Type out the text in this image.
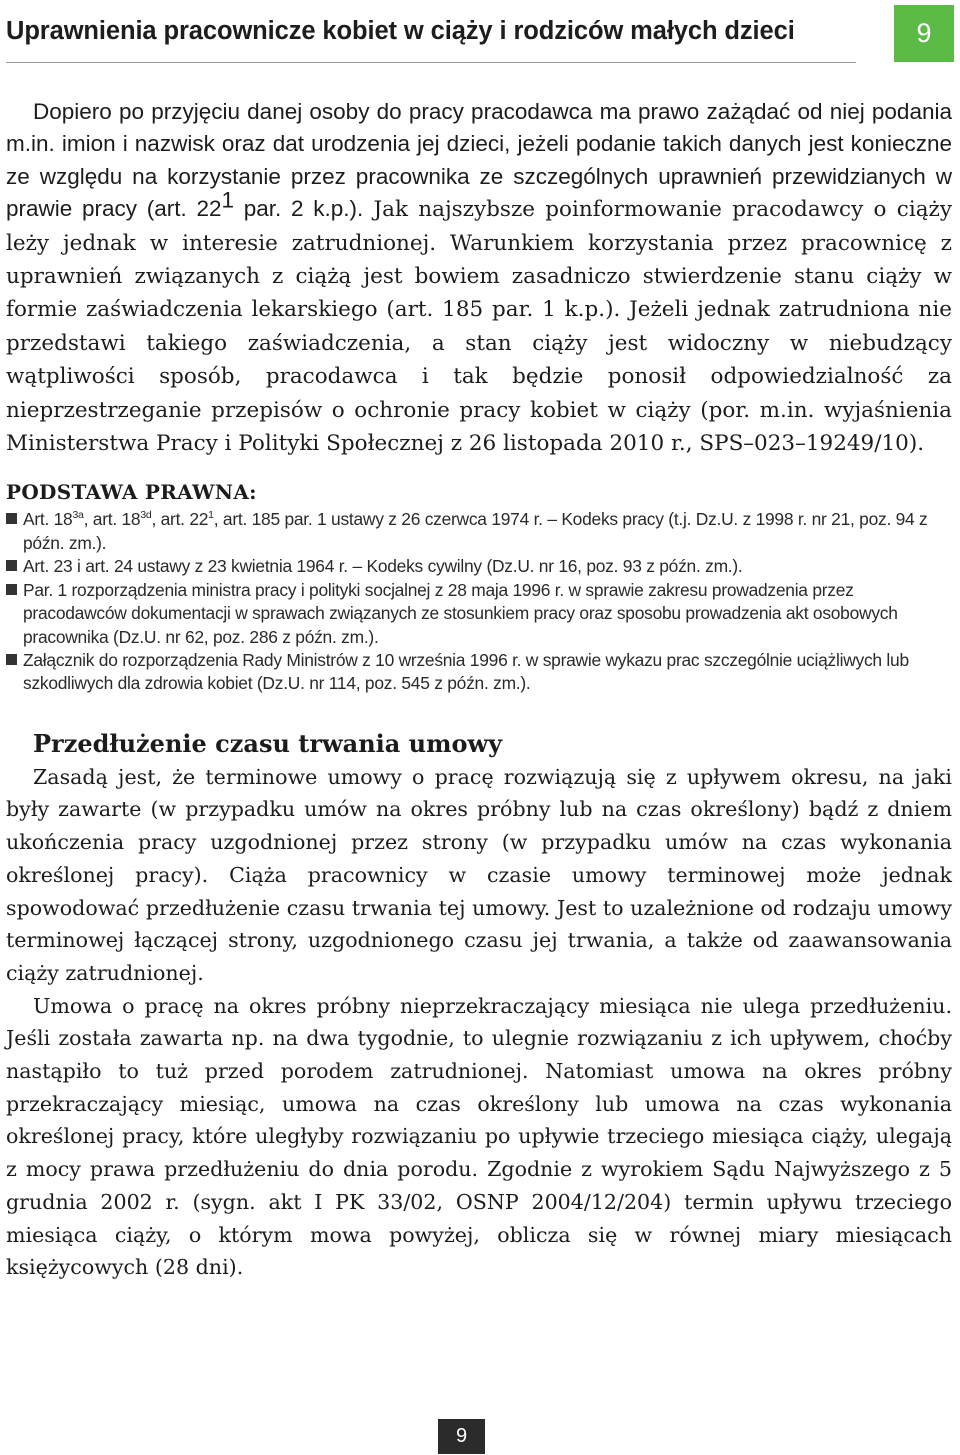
Uprawnienia pracownicze kobiet w ciąży i rodziców małych dzieci	9

Dopiero po przyjęciu danej osoby do pracy pracodawca ma prawo zażądać od niej podania m.in. imion i nazwisk oraz dat urodzenia jej dzieci, jeżeli podanie takich danych jest konieczne ze względu na korzystanie przez pracownika ze szczególnych uprawnień przewidzianych w prawie pracy (art. $22^1$ par. 2 k.p.). Jak najszybsze poinformowanie pracodawcy o ciąży leży jednak w interesie zatrudnionej. Warunkiem korzystania przez pracownicę z uprawnień związanych z ciążą jest bowiem zasadniczo stwierdzenie stanu ciąży w formie zaświadczenia lekarskiego (art. 185 par. 1 k.p.). Jeżeli jednak zatrudniona nie przedstawi takiego zaświadczenia, a stan ciąży jest widoczny w niebudzący wątpliwości sposób, pracodawca i tak będzie ponosił odpowiedzialność za nieprzestrzeganie przepisów o ochronie pracy kobiet w ciąży (por. m.in. wyjaśnienia Ministerstwa Pracy i Polityki Społecznej z 26 listopada 2010 r., SPS–023–19249/10).

PODSTAWA PRAWNA:
Art. $18^{3a}$, art. $18^{3d}$, art. $22^1$, art. 185 par. 1 ustawy z 26 czerwca 1974 r. – Kodeks pracy (t.j. Dz.U. z 1998 r. nr 21, poz. 94 z późn. zm.).
Art. 23 i art. 24 ustawy z 23 kwietnia 1964 r. – Kodeks cywilny (Dz.U. nr 16, poz. 93 z późn. zm.).
Par. 1 rozporządzenia ministra pracy i polityki socjalnej z 28 maja 1996 r. w sprawie zakresu prowadzenia przez pracodawców dokumentacji w sprawach związanych ze stosunkiem pracy oraz sposobu prowadzenia akt osobowych pracownika (Dz.U. nr 62, poz. 286 z późn. zm.).
Załącznik do rozporządzenia Rady Ministrów z 10 września 1996 r. w sprawie wykazu prac szczególnie uciążliwych lub szkodliwych dla zdrowia kobiet (Dz.U. nr 114, poz. 545 z późn. zm.).
Przedłużenie czasu trwania umowy

Zasadą jest, że terminowe umowy o pracę rozwiązują się z upływem okresu, na jaki były zawarte (w przypadku umów na okres próbny lub na czas określony) bądź z dniem ukończenia pracy uzgodnionej przez strony (w przypadku umów na czas wykonania określonej pracy). Ciąża pracownicy w czasie umowy terminowej może jednak spowodować przedłużenie czasu trwania tej umowy. Jest to uzależnione od rodzaju umowy terminowej łączącej strony, uzgodnionego czasu jej trwania, a także od zaawansowania ciąży zatrudnionej.

Umowa o pracę na okres próbny nieprzekraczający miesiąca nie ulega przedłużeniu. Jeśli została zawarta np. na dwa tygodnie, to ulegnie rozwiązaniu z ich upływem, choćby nastąpiło to tuż przed porodem zatrudnionej. Natomiast umowa na okres próbny przekraczający miesiąc, umowa na czas określony lub umowa na czas wykonania określonej pracy, które uległyby rozwiązaniu po upływie trzeciego miesiąca ciąży, ulegają z mocy prawa przedłużeniu do dnia porodu. Zgodnie z wyrokiem Sądu Najwyższego z 5 grudnia 2002 r. (sygn. akt I PK 33/02, OSNP 2004/12/204) termin upływu trzeciego miesiąca ciąży, o którym mowa powyżej, oblicza się w równej miary miesiącach księżycowych (28 dni).

9
